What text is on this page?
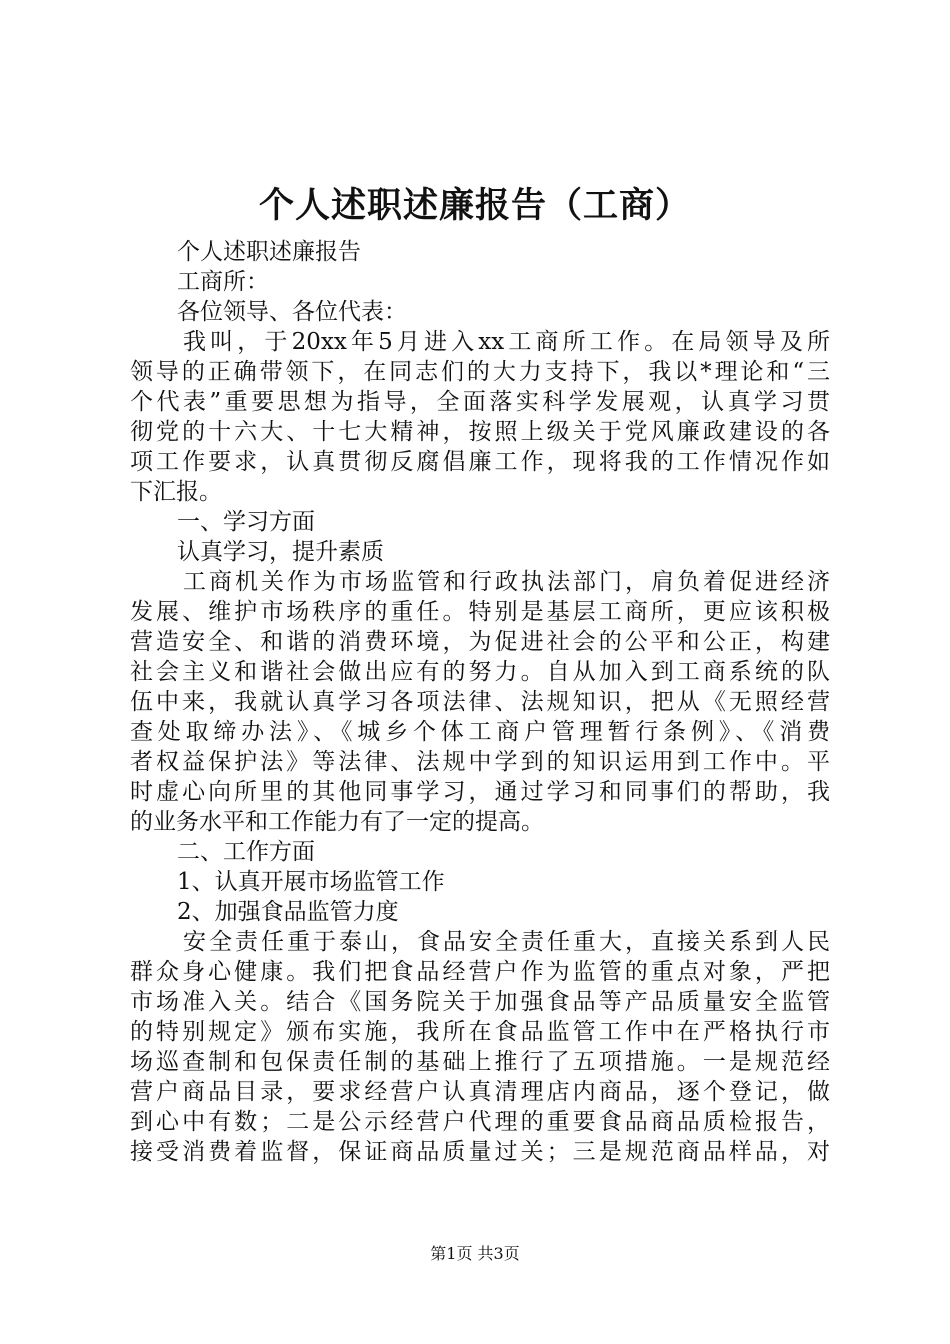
个人述职述廉报告（工商）
个人述职述廉报告
工商所：
各位领导、各位代表：
我叫，于20xx年5月进入xx工商所工作。在局领导及所
领导的正确带领下，在同志们的大力支持下，我以*理论和“三
个代表”重要思想为指导，全面落实科学发展观，认真学习贯
彻党的十六大、十七大精神，按照上级关于党风廉政建设的各
项工作要求，认真贯彻反腐倡廉工作，现将我的工作情况作如
下汇报。
一、学习方面
认真学习，提升素质
工商机关作为市场监管和行政执法部门，肩负着促进经济
发展、维护市场秩序的重任。特别是基层工商所，更应该积极
营造安全、和谐的消费环境，为促进社会的公平和公正，构建
社会主义和谐社会做出应有的努力。自从加入到工商系统的队
伍中来，我就认真学习各项法律、法规知识，把从《无照经营
查处取缔办法》、《城乡个体工商户管理暂行条例》、《消费
者权益保护法》等法律、法规中学到的知识运用到工作中。平
时虚心向所里的其他同事学习，通过学习和同事们的帮助，我
的业务水平和工作能力有了一定的提高。
二、工作方面
1、认真开展市场监管工作
2、加强食品监管力度
安全责任重于泰山，食品安全责任重大，直接关系到人民
群众身心健康。我们把食品经营户作为监管的重点对象，严把
市场准入关。结合《国务院关于加强食品等产品质量安全监管
的特别规定》颁布实施，我所在食品监管工作中在严格执行市
场巡查制和包保责任制的基础上推行了五项措施。一是规范经
营户商品目录，要求经营户认真清理店内商品，逐个登记，做
到心中有数；二是公示经营户代理的重要食品商品质检报告，
接受消费着监督，保证商品质量过关；三是规范商品样品，对
第1页 共3页
